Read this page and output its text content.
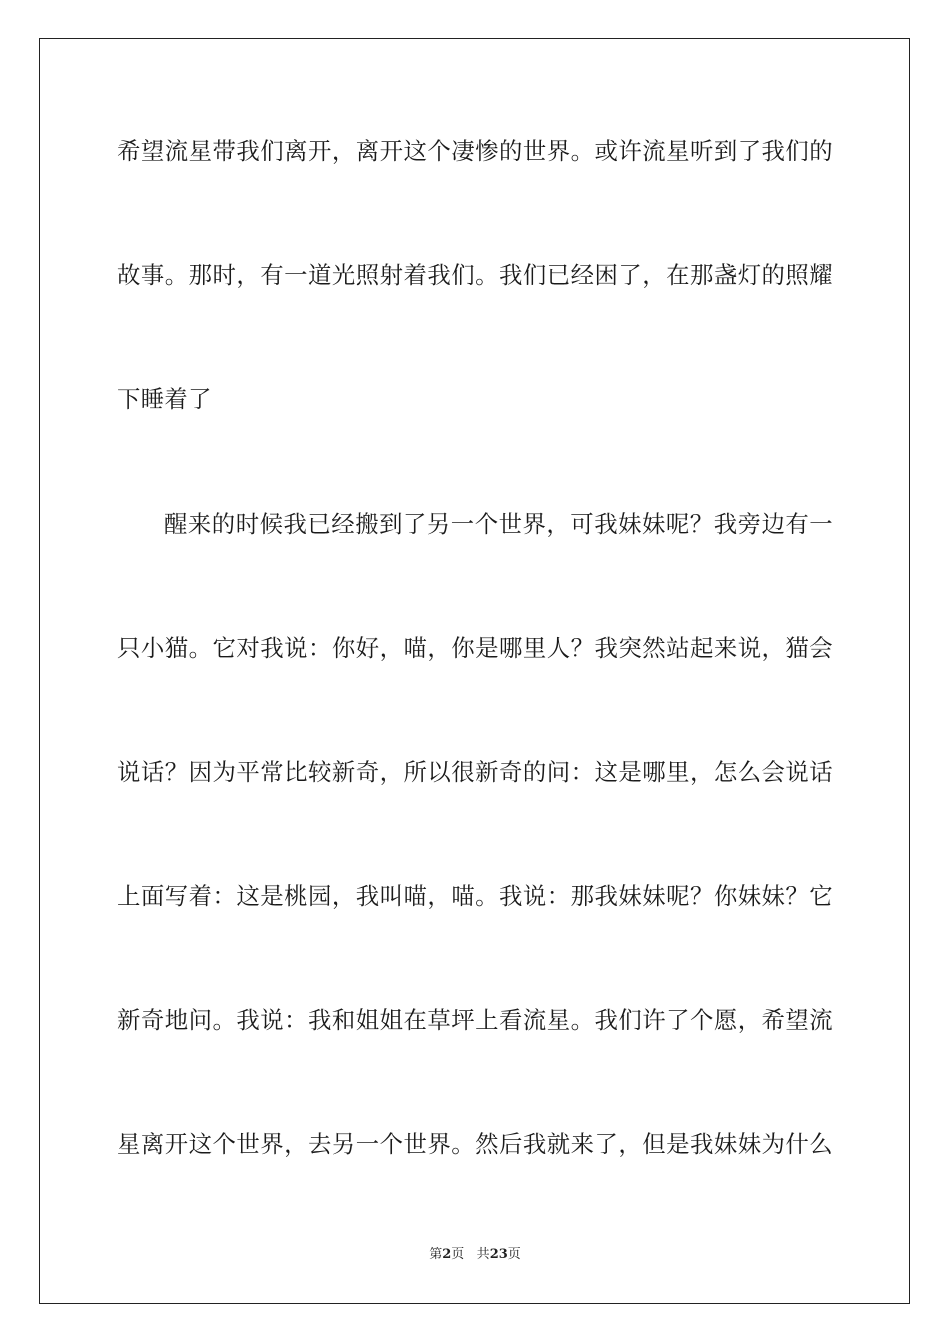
希望流星带我们离开，离开这个凄惨的世界。或许流星听到了我们的
故事。那时，有一道光照射着我们。我们已经困了，在那盏灯的照耀
下睡着了
醒来的时候我已经搬到了另一个世界，可我妹妹呢？我旁边有一
只小猫。它对我说：你好，喵，你是哪里人？我突然站起来说，猫会
说话？因为平常比较新奇，所以很新奇的问：这是哪里，怎么会说话
上面写着：这是桃园，我叫喵，喵。我说：那我妹妹呢？你妹妹？它
新奇地问。我说：我和姐姐在草坪上看流星。我们许了个愿，希望流
星离开这个世界，去另一个世界。然后我就来了，但是我妹妹为什么
第2页 共23页
